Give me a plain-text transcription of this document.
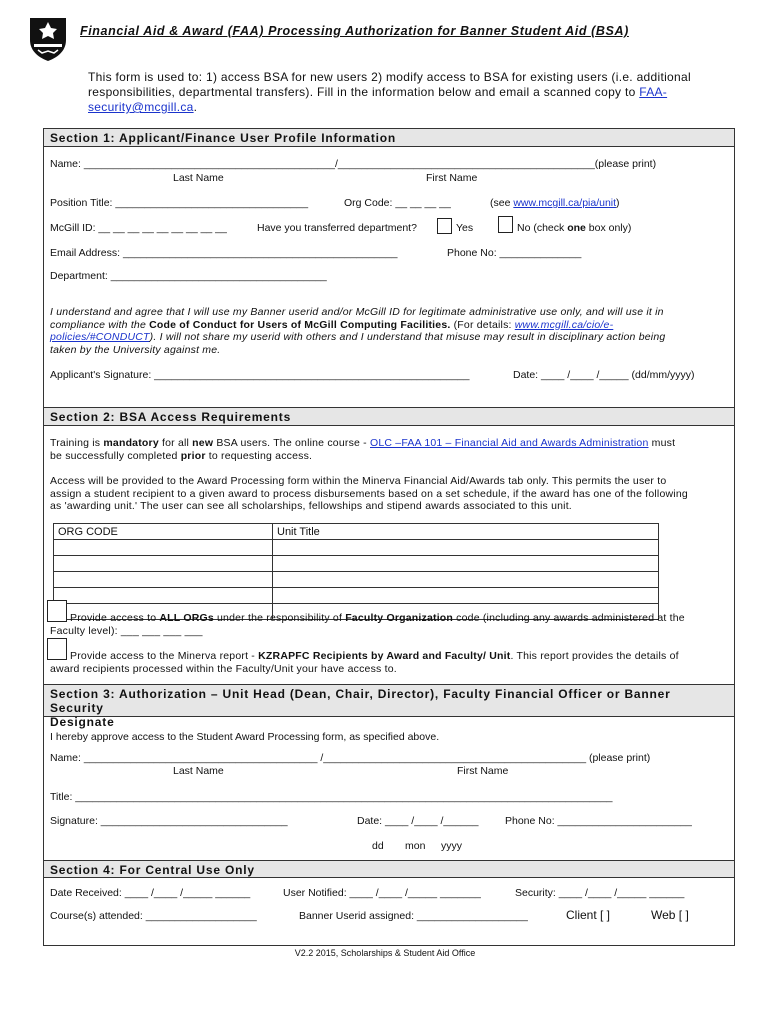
Financial Aid & Award (FAA) Processing Authorization for Banner Student Aid (BSA)
This form is used to: 1) access BSA for new users 2) modify access to BSA for existing users (i.e. additional
responsibilities, departmental transfers). Fill in the information below and email a scanned copy to FAA-
security@mcgill.ca.
Section 1: Applicant/Finance User Profile Information
Name: ___________________________________________/____________________________________________(please print)
Last Name	First Name
Position Title: _________________________________	Org Code: __ __ __ __	(see www.mcgill.ca/pia/unit)
McGill ID: __ __ __ __ __ __ __ __ __	Have you transferred department?	Yes	No (check one box only)
Email Address: _______________________________________________	Phone No: ______________
Department: _____________________________________
I understand and agree that I will use my Banner userid and/or McGill ID for legitimate administrative use only, and will use it in
compliance with the Code of Conduct for Users of McGill Computing Facilities. (For details: www.mcgill.ca/cio/e-
policies/#CONDUCT). I will not share my userid with others and I understand that misuse may result in disciplinary action being
taken by the University against me.
Applicant's Signature: ______________________________________________________	Date: ____ /____ /_____ (dd/mm/yyyy)
Section 2: BSA Access Requirements
Training is mandatory for all new BSA users. The online course - OLC –FAA 101 – Financial Aid and Awards Administration must
be successfully completed prior to requesting access.
Access will be provided to the Award Processing form within the Minerva Financial Aid/Awards tab only. This permits the user to
assign a student recipient to a given award to process disbursements based on a set schedule, if the award has one of the following
as 'awarding unit.' The user can see all scholarships, fellowships and stipend awards associated to this unit.
ORG CODE	Unit Title

Provide access to ALL ORGs under the responsibility of Faculty Organization code (including any awards administered at the
Faculty level): ___ ___ ___ ___
Provide access to the Minerva report - KZRAPFC Recipients by Award and Faculty/ Unit. This report provides the details of
award recipients processed within the Faculty/Unit your have access to.
Section 3: Authorization – Unit Head (Dean, Chair, Director), Faculty Financial Officer or Banner Security
Designate
I hereby approve access to the Student Award Processing form, as specified above.
Name: ________________________________________ /_____________________________________________ (please print)
Last Name	First Name
Title: ____________________________________________________________________________________________
Signature: ________________________________	Date: ____ /____ /______	Phone No: _______________________
dd mon yyyy
Section 4: For Central Use Only
Date Received: ____ /____ /_____ ______	User Notified: ____ /____ /_____ _______	Security: ____ /____ /_____ ______
Course(s) attended: ___________________	Banner Userid assigned: ___________________	Client [ ]	Web [ ]
V2.2 2015, Scholarships & Student Aid Office
